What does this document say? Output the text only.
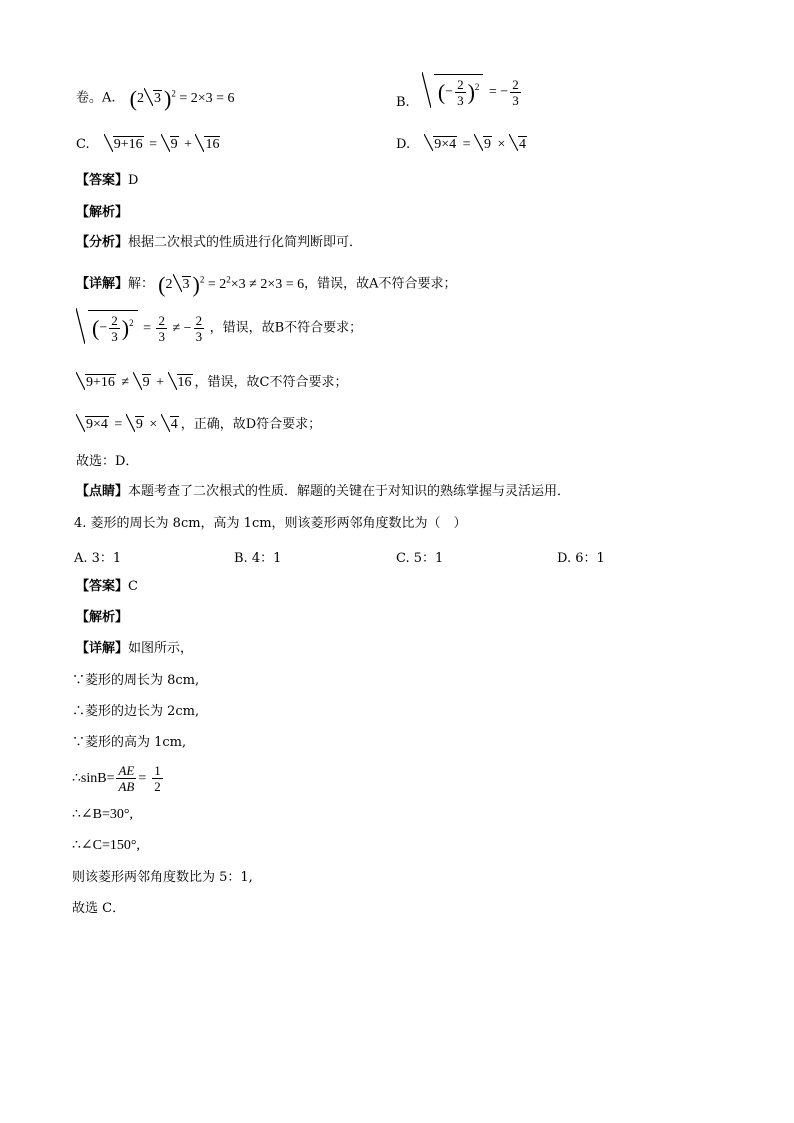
卷。A. (2 3 )$^2$ = 2×3 = 6	B. (− $\frac{2}{3} )^2$ = − $\frac{2}{3}$
C. 9+16 = 9 + 16	D. 9×4 = 9 × 4
【答案】D
【解析】
【分析】根据二次根式的性质进行化简判断即可．
【详解】解： (2 3 )$^2 = 2^2\times 3 \ne 2\times 3 = 6$，错误，故A不符合要求；
(− $\frac{2}{3} )^2 = \frac{2}{3}$ ≠ − $\frac{2}{3}$ ，错误，故B不符合要求；
9+16 ≠ 9 + 16 ，错误，故C不符合要求；
9×4 = 9 × 4 ，正确，故D符合要求；
故选：D．
【点睛】本题考查了二次根式的性质．解题的关键在于对知识的熟练掌握与灵活运用．
4. 菱形的周长为 8cm，高为 1cm，则该菱形两邻角度数比为（　）
A. 3：1	B. 4：1	C. 5：1	D. 6：1
【答案】C
【解析】
【详解】如图所示，
∵菱形的周长为 8cm,
∴菱形的边长为 2cm,
∵菱形的高为 1cm,
∴sinB= $\frac{AE}{AB} = \frac{1}{2}$
∴∠B=30°,
∴∠C=150°,
则该菱形两邻角度数比为 5：1,
故选 C．
